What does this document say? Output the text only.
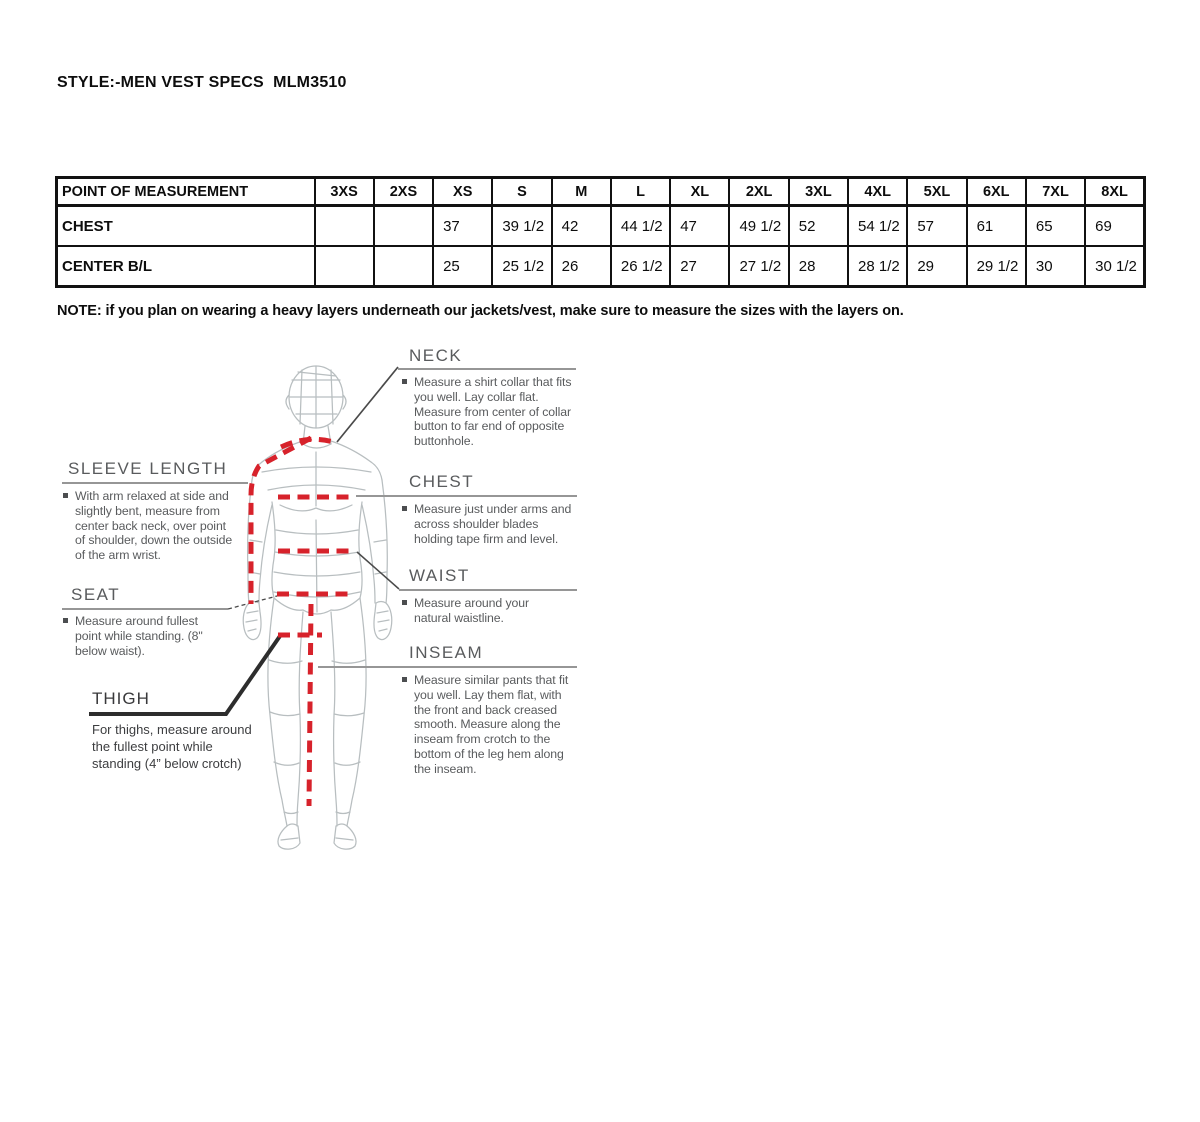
STYLE:-MEN VEST SPECS  MLM3510
POINT OF MEASUREMENT	3XS	2XS	XS	S	M	L	XL	2XL	3XL	4XL	5XL	6XL	7XL	8XL
CHEST			37	39 1/2	42	44 1/2	47	49 1/2	52	54 1/2	57	61	65	69
CENTER B/L			25	25 1/2	26	26 1/2	27	27 1/2	28	28 1/2	29	29 1/2	30	30 1/2
NOTE: if you plan on wearing a heavy layers underneath our jackets/vest, make sure to measure the sizes with the layers on.
NECK
Measure a shirt collar that fits you well. Lay collar flat. Measure from center of collar button to far end of opposite buttonhole.
SLEEVE LENGTH
With arm relaxed at side and slightly bent, measure from center back neck, over point of shoulder, down the outside of the arm wrist.
CHEST
Measure just under arms and across shoulder blades holding tape firm and level.
WAIST
Measure around your natural waistline.
SEAT
Measure around fullest point while standing. (8" below waist).
THIGH
For thighs, measure around the fullest point while standing (4” below crotch)
INSEAM
Measure similar pants that fit you well. Lay them flat, with the front and back creased smooth. Measure along the inseam from crotch to the bottom of the leg hem along the inseam.
